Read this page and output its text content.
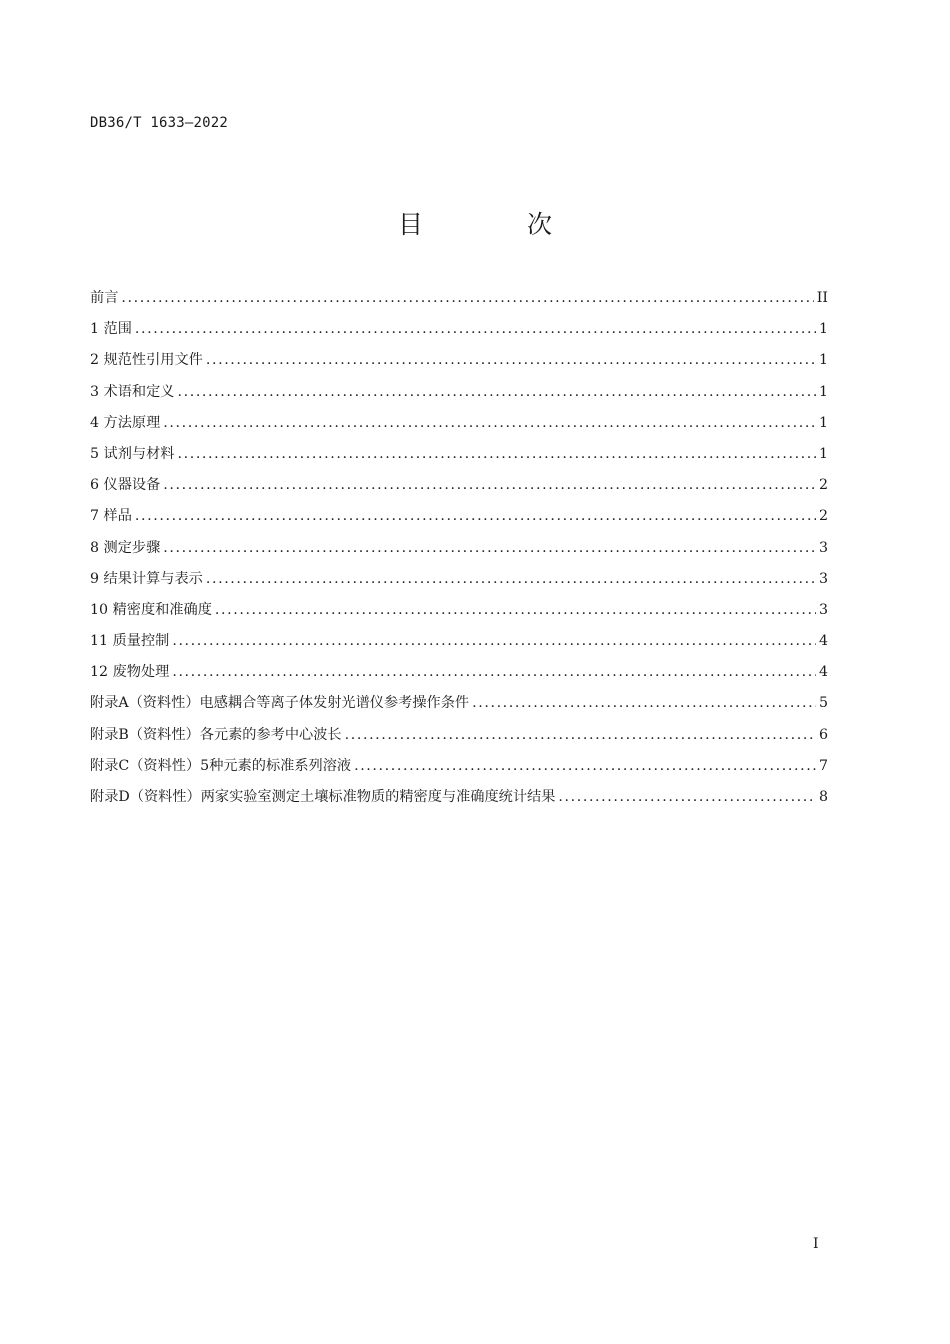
DB36/T 1633—2022
目 次
前言 .....	II
1 范围 .....	1
2 规范性引用文件 .....	1
3 术语和定义 .....	1
4 方法原理 .....	1
5 试剂与材料 .....	1
6 仪器设备 .....	2
7 样品 .....	2
8 测定步骤 .....	3
9 结果计算与表示 .....	3
10 精密度和准确度 .....	3
11 质量控制 .....	4
12 废物处理 .....	4
附录A（资料性）电感耦合等离子体发射光谱仪参考操作条件 .....	5
附录B（资料性）各元素的参考中心波长 .....	6
附录C（资料性）5种元素的标准系列溶液 .....	7
附录D（资料性）两家实验室测定土壤标准物质的精密度与准确度统计结果 .....	8
I
